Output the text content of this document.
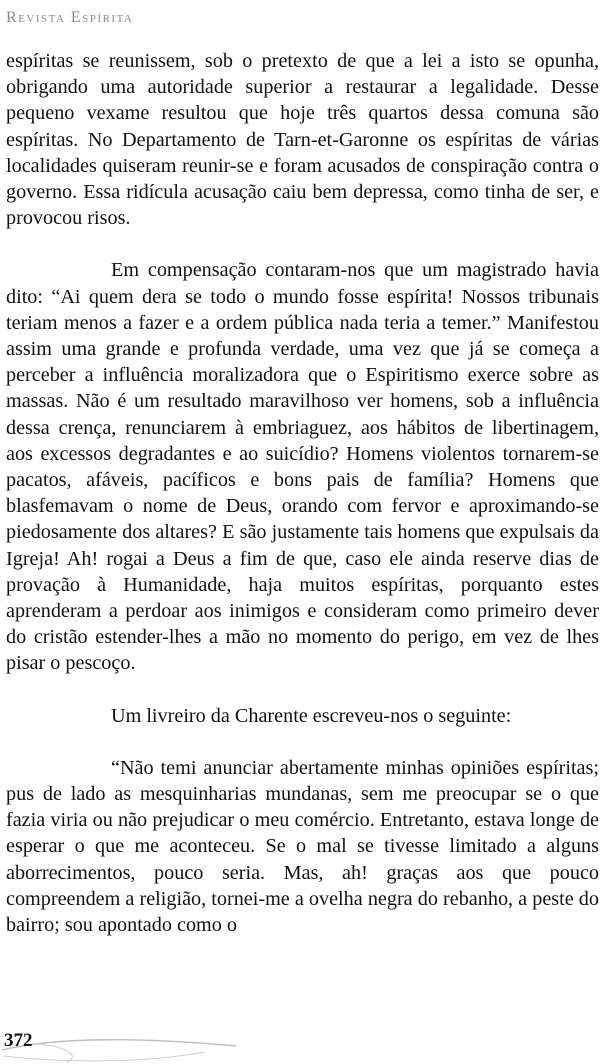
Revista Espírita

espíritas se reunissem, sob o pretexto de que a lei a isto se opunha, obrigando uma autoridade superior a restaurar a legalidade. Desse pequeno vexame resultou que hoje três quartos dessa comuna são espíritas. No Departamento de Tarn-et-Garonne os espíritas de várias localidades quiseram reunir-se e foram acusados de conspiração contra o governo. Essa ridícula acusação caiu bem depressa, como tinha de ser, e provocou risos.

Em compensação contaram-nos que um magistrado havia dito: “Ai quem dera se todo o mundo fosse espírita! Nossos tribunais teriam menos a fazer e a ordem pública nada teria a temer.” Manifestou assim uma grande e profunda verdade, uma vez que já se começa a perceber a influência moralizadora que o Espiritismo exerce sobre as massas. Não é um resultado maravilhoso ver homens, sob a influência dessa crença, renunciarem à embriaguez, aos hábitos de libertinagem, aos excessos degradantes e ao suicídio? Homens violentos tornarem-se pacatos, afáveis, pacíficos e bons pais de família? Homens que blasfemavam o nome de Deus, orando com fervor e aproximando-se piedosamente dos altares? E são justamente tais homens que expulsais da Igreja! Ah! rogai a Deus a fim de que, caso ele ainda reserve dias de provação à Humanidade, haja muitos espíritas, porquanto estes aprenderam a perdoar aos inimigos e consideram como primeiro dever do cristão estender-lhes a mão no momento do perigo, em vez de lhes pisar o pescoço.

Um livreiro da Charente escreveu-nos o seguinte:

“Não temi anunciar abertamente minhas opiniões espíritas; pus de lado as mesquinharias mundanas, sem me preocupar se o que fazia viria ou não prejudicar o meu comércio. Entretanto, estava longe de esperar o que me aconteceu. Se o mal se tivesse limitado a alguns aborrecimentos, pouco seria. Mas, ah! graças aos que pouco compreendem a religião, tornei-me a ovelha negra do rebanho, a peste do bairro; sou apontado como o

372
